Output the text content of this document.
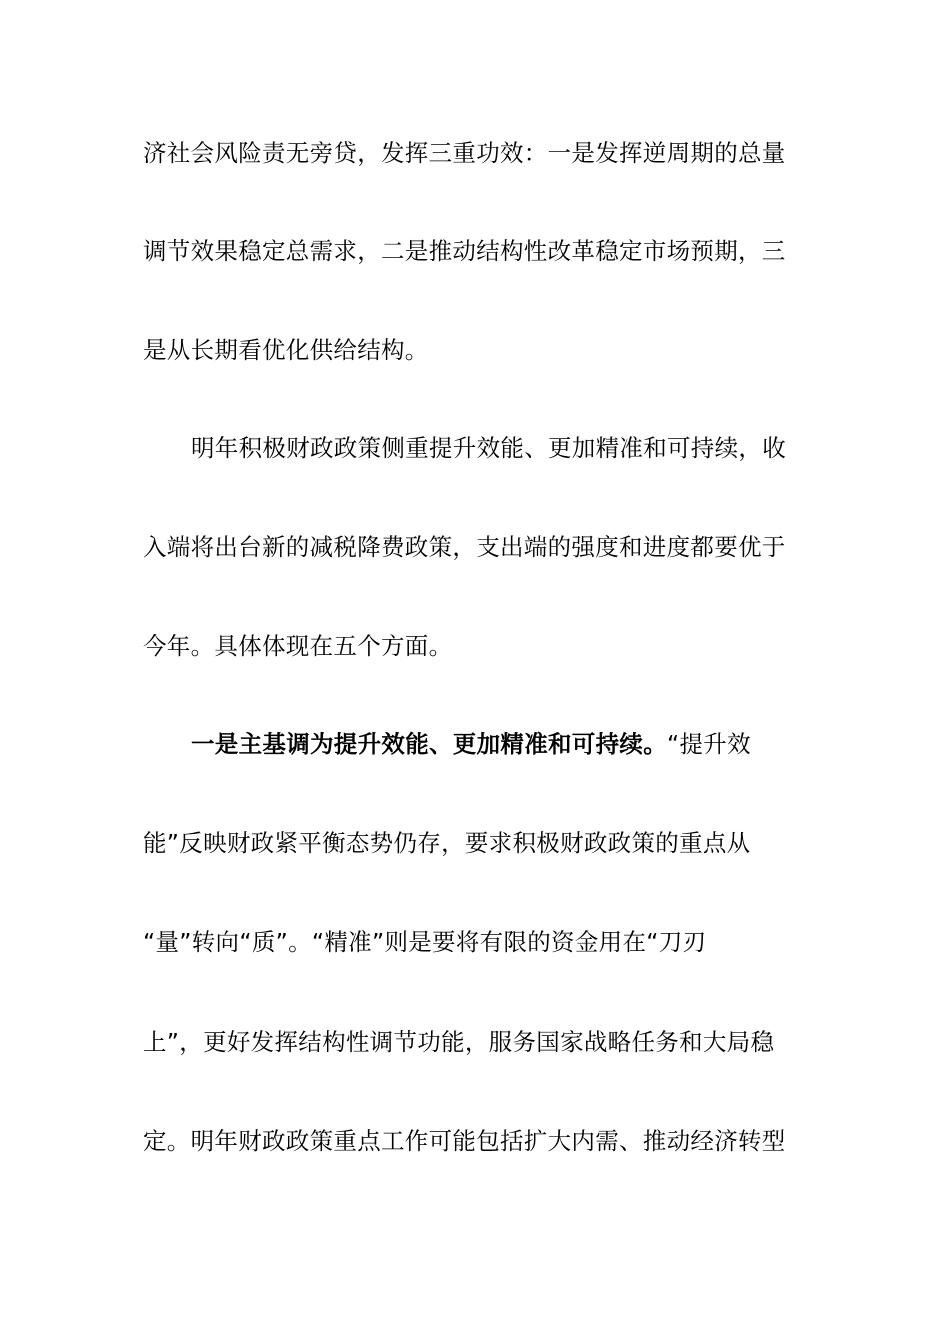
济社会风险责无旁贷，发挥三重功效：一是发挥逆周期的总量
调节效果稳定总需求，二是推动结构性改革稳定市场预期，三
是从长期看优化供给结构。
明年积极财政政策侧重提升效能、更加精准和可持续，收
入端将出台新的减税降费政策，支出端的强度和进度都要优于
今年。具体体现在五个方面。
一是主基调为提升效能、更加精准和可持续。“提升效
能”反映财政紧平衡态势仍存，要求积极财政政策的重点从
“量”转向“质”。“精准”则是要将有限的资金用在“刀刃
上”，更好发挥结构性调节功能，服务国家战略任务和大局稳
定。明年财政政策重点工作可能包括扩大内需、推动经济转型
